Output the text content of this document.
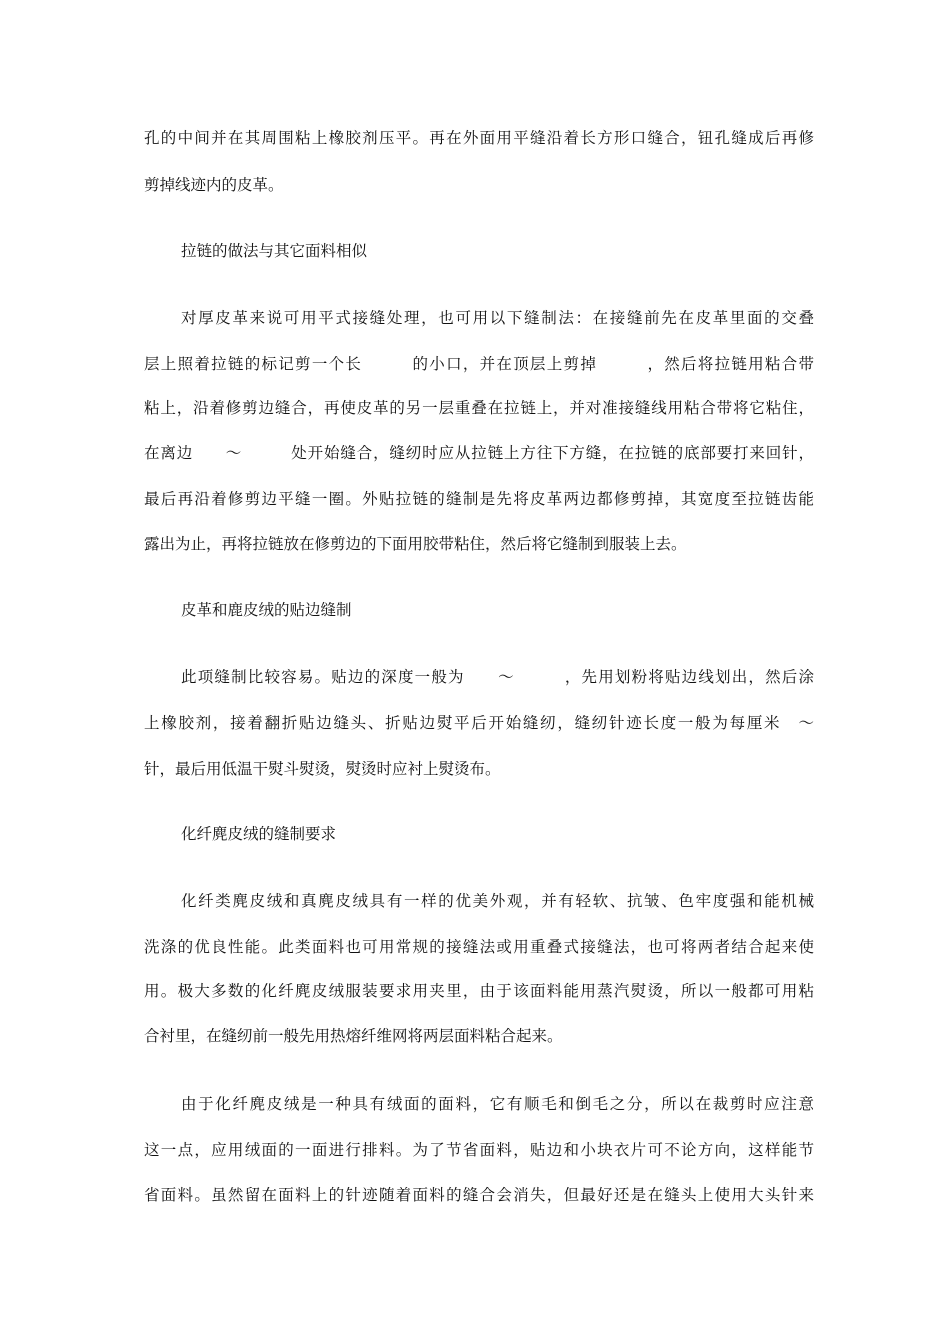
孔的中间并在其周围粘上橡胶剂压平。再在外面用平缝沿着长方形口缝合，钮孔缝成后再修
剪掉线迹内的皮革。
拉链的做法与其它面料相似
对厚皮革来说可用平式接缝处理，也可用以下缝制法：在接缝前先在皮革里面的交叠
层上照着拉链的标记剪一个长　　　的小口，并在顶层上剪掉　　　，然后将拉链用粘合带
粘上，沿着修剪边缝合，再使皮革的另一层重叠在拉链上，并对准接缝线用粘合带将它粘住，
在离边　　～　　　处开始缝合，缝纫时应从拉链上方往下方缝，在拉链的底部要打来回针，
最后再沿着修剪边平缝一圈。外贴拉链的缝制是先将皮革两边都修剪掉，其宽度至拉链齿能
露出为止，再将拉链放在修剪边的下面用胶带粘住，然后将它缝制到服装上去。
皮革和鹿皮绒的贴边缝制
此项缝制比较容易。贴边的深度一般为　　～　　　，先用划粉将贴边线划出，然后涂
上橡胶剂，接着翻折贴边缝头、折贴边熨平后开始缝纫，缝纫针迹长度一般为每厘米　～
针，最后用低温干熨斗熨烫，熨烫时应衬上熨烫布。
化纤麂皮绒的缝制要求
化纤类麂皮绒和真麂皮绒具有一样的优美外观，并有轻软、抗皱、色牢度强和能机械
洗涤的优良性能。此类面料也可用常规的接缝法或用重叠式接缝法，也可将两者结合起来使
用。极大多数的化纤麂皮绒服装要求用夹里，由于该面料能用蒸汽熨烫，所以一般都可用粘
合衬里，在缝纫前一般先用热熔纤维网将两层面料粘合起来。
由于化纤麂皮绒是一种具有绒面的面料，它有顺毛和倒毛之分，所以在裁剪时应注意
这一点，应用绒面的一面进行排料。为了节省面料，贴边和小块衣片可不论方向，这样能节
省面料。虽然留在面料上的针迹随着面料的缝合会消失，但最好还是在缝头上使用大头针来
